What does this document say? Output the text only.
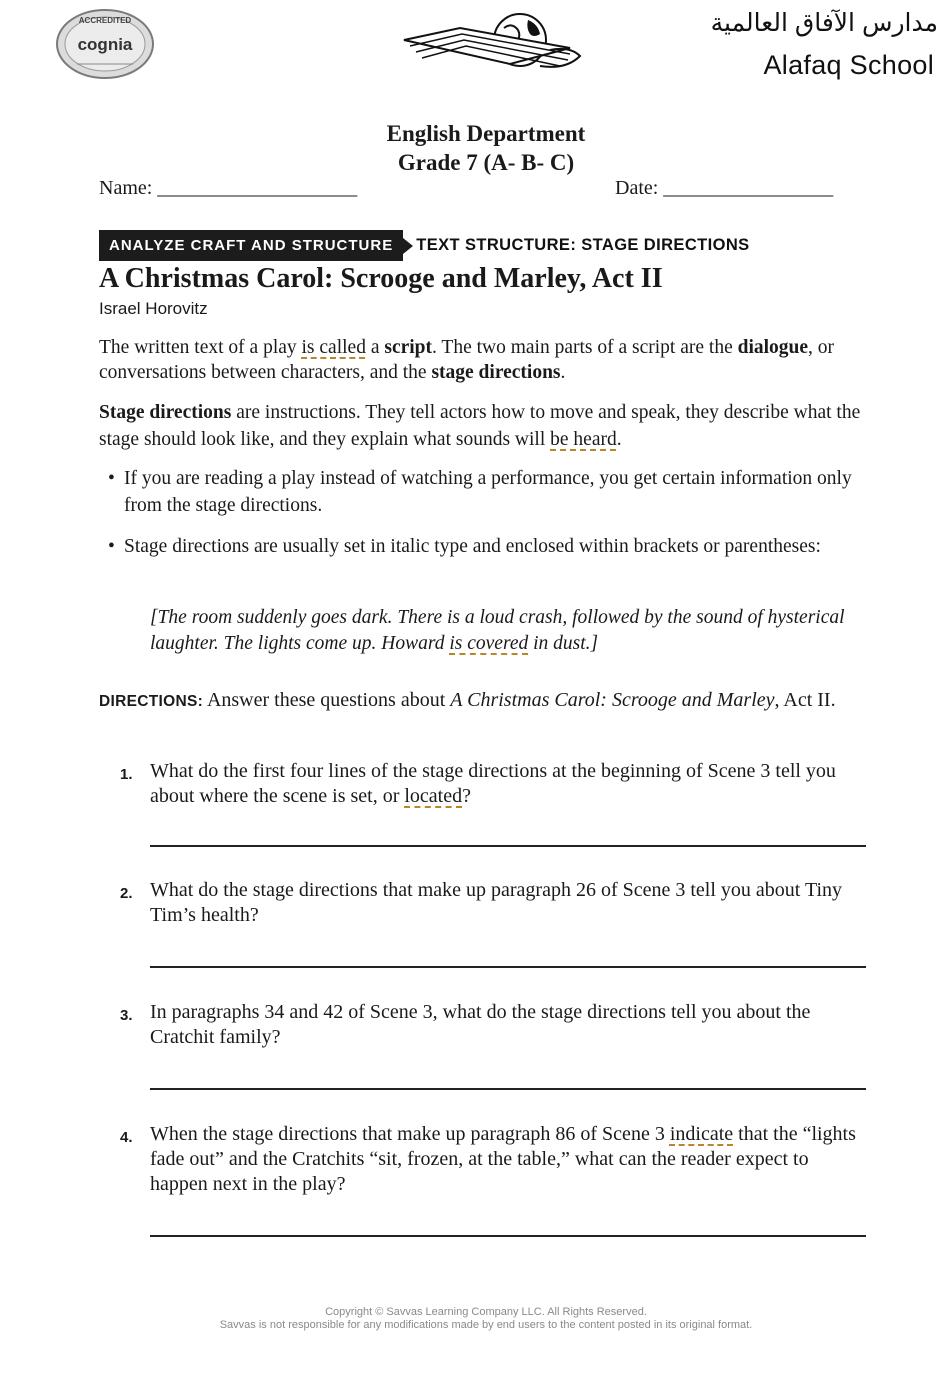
ACCREDITED
cognia
مدارس الآفاق العالمية
Alafaq School
English Department
Grade 7 (A- B- C)
Name: ____________________	Date: _________________
ANALYZE CRAFT AND STRUCTURE	TEXT STRUCTURE: STAGE DIRECTIONS
A Christmas Carol: Scrooge and Marley, Act II
Israel Horovitz
The written text of a play is called a script. The two main parts of a script are the dialogue, or conversations between characters, and the stage directions.
Stage directions are instructions. They tell actors how to move and speak, they describe what the stage should look like, and they explain what sounds will be heard.
• If you are reading a play instead of watching a performance, you get certain information only from the stage directions.
• Stage directions are usually set in italic type and enclosed within brackets or parentheses:
[The room suddenly goes dark. There is a loud crash, followed by the sound of hysterical laughter. The lights come up. Howard is covered in dust.]
DIRECTIONS: Answer these questions about A Christmas Carol: Scrooge and Marley, Act II.
1. What do the first four lines of the stage directions at the beginning of Scene 3 tell you about where the scene is set, or located?
2. What do the stage directions that make up paragraph 26 of Scene 3 tell you about Tiny Tim’s health?
3. In paragraphs 34 and 42 of Scene 3, what do the stage directions tell you about the Cratchit family?
4. When the stage directions that make up paragraph 86 of Scene 3 indicate that the “lights fade out” and the Cratchits “sit, frozen, at the table,” what can the reader expect to happen next in the play?
Copyright © Savvas Learning Company LLC. All Rights Reserved.
Savvas is not responsible for any modifications made by end users to the content posted in its original format.
